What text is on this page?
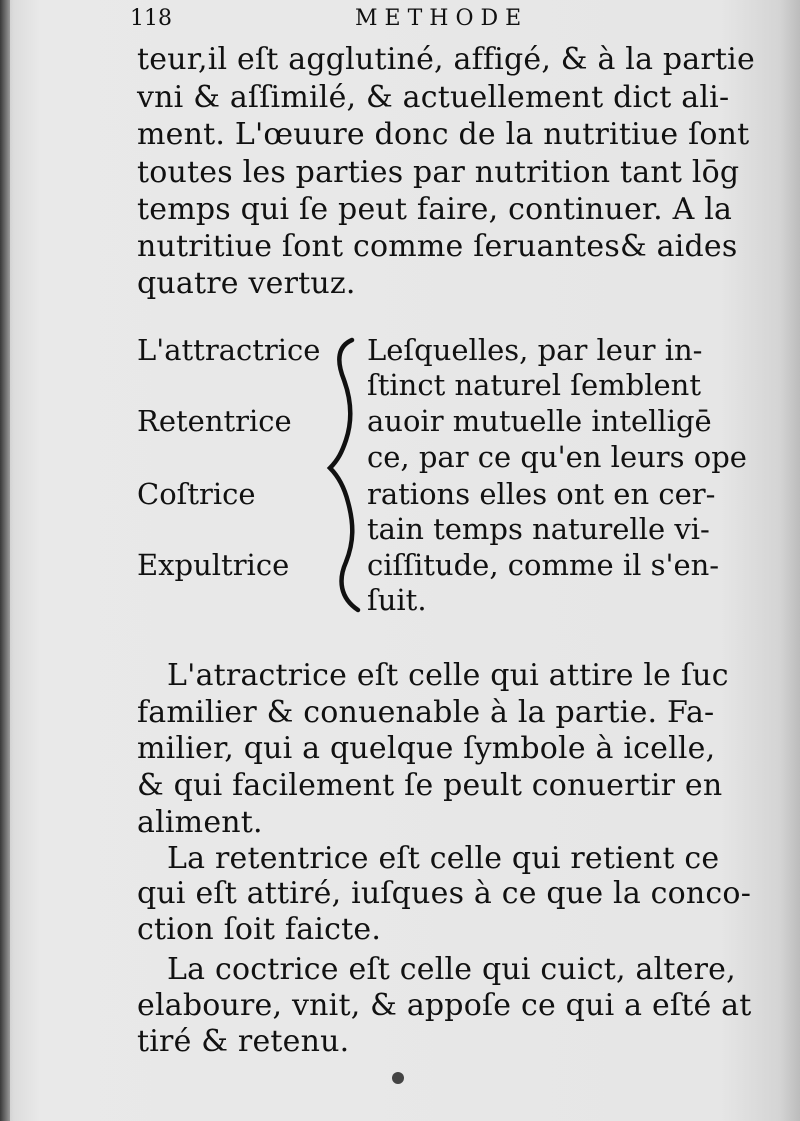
118	METHODE
teur,il eſt agglutiné, affigé, & à la partie
vni & aſſimilé, & actuellement dict ali-
ment. L'œuure donc de la nutritiue ſont
toutes les parties par nutrition tant lōg
temps qui ſe peut faire, continuer. A la
nutritiue ſont comme ſeruantes& aides
quatre vertuz.
L'attractrice
Retentrice
Coſtrice
Expultrice
Leſquelles, par leur in-
ſtinct naturel ſemblent
auoir mutuelle intelligē
ce, par ce qu'en leurs ope
rations elles ont en cer-
tain temps naturelle vi-
ciſſitude, comme il s'en-
ſuit.
L'atractrice eſt celle qui attire le ſuc
familier & conuenable à la partie. Fa-
milier, qui a quelque ſymbole à icelle,
& qui facilement ſe peult conuertir en
aliment.
La retentrice eſt celle qui retient ce
qui eſt attiré, iuſques à ce que la conco-
ction ſoit faicte.
La coctrice eſt celle qui cuict, altere,
elaboure, vnit, & appoſe ce qui a eſté at
tiré & retenu.
